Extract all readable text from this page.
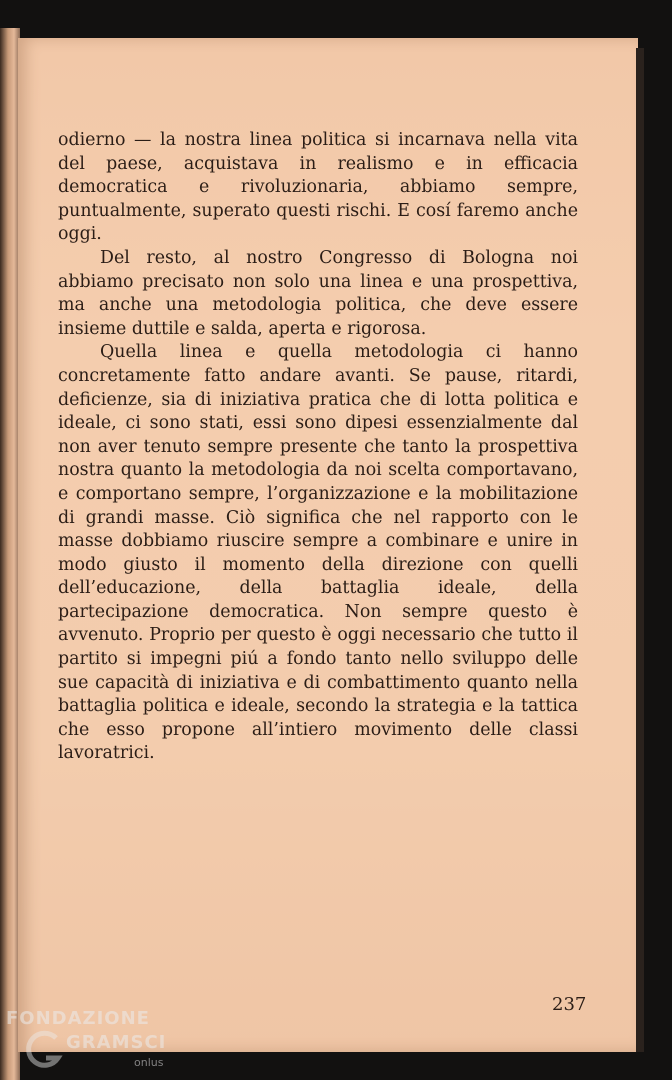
odierno — la nostra linea politica si incarnava nella vita del paese, acquistava in realismo e in efficacia democratica e rivoluzionaria, abbiamo sempre, puntualmente, superato questi rischi. E cosí faremo anche oggi.

Del resto, al nostro Congresso di Bologna noi abbiamo precisato non solo una linea e una prospettiva, ma anche una metodologia politica, che deve essere insieme duttile e salda, aperta e rigorosa.

Quella linea e quella metodologia ci hanno concretamente fatto andare avanti. Se pause, ritardi, deficienze, sia di iniziativa pratica che di lotta politica e ideale, ci sono stati, essi sono dipesi essenzialmente dal non aver tenuto sempre presente che tanto la prospettiva nostra quanto la metodologia da noi scelta comportavano, e comportano sempre, l’organizzazione e la mobilitazione di grandi masse. Ciò significa che nel rapporto con le masse dobbiamo riuscire sempre a combinare e unire in modo giusto il momento della direzione con quelli dell’educazione, della battaglia ideale, della partecipazione democratica. Non sempre questo è avvenuto. Proprio per questo è oggi necessario che tutto il partito si impegni piú a fondo tanto nello sviluppo delle sue capacità di iniziativa e di combattimento quanto nella battaglia politica e ideale, secondo la strategia e la tattica che esso propone all’intiero movimento delle classi lavoratrici.

237
FONDAZIONE
GRAMSCI
onlus
